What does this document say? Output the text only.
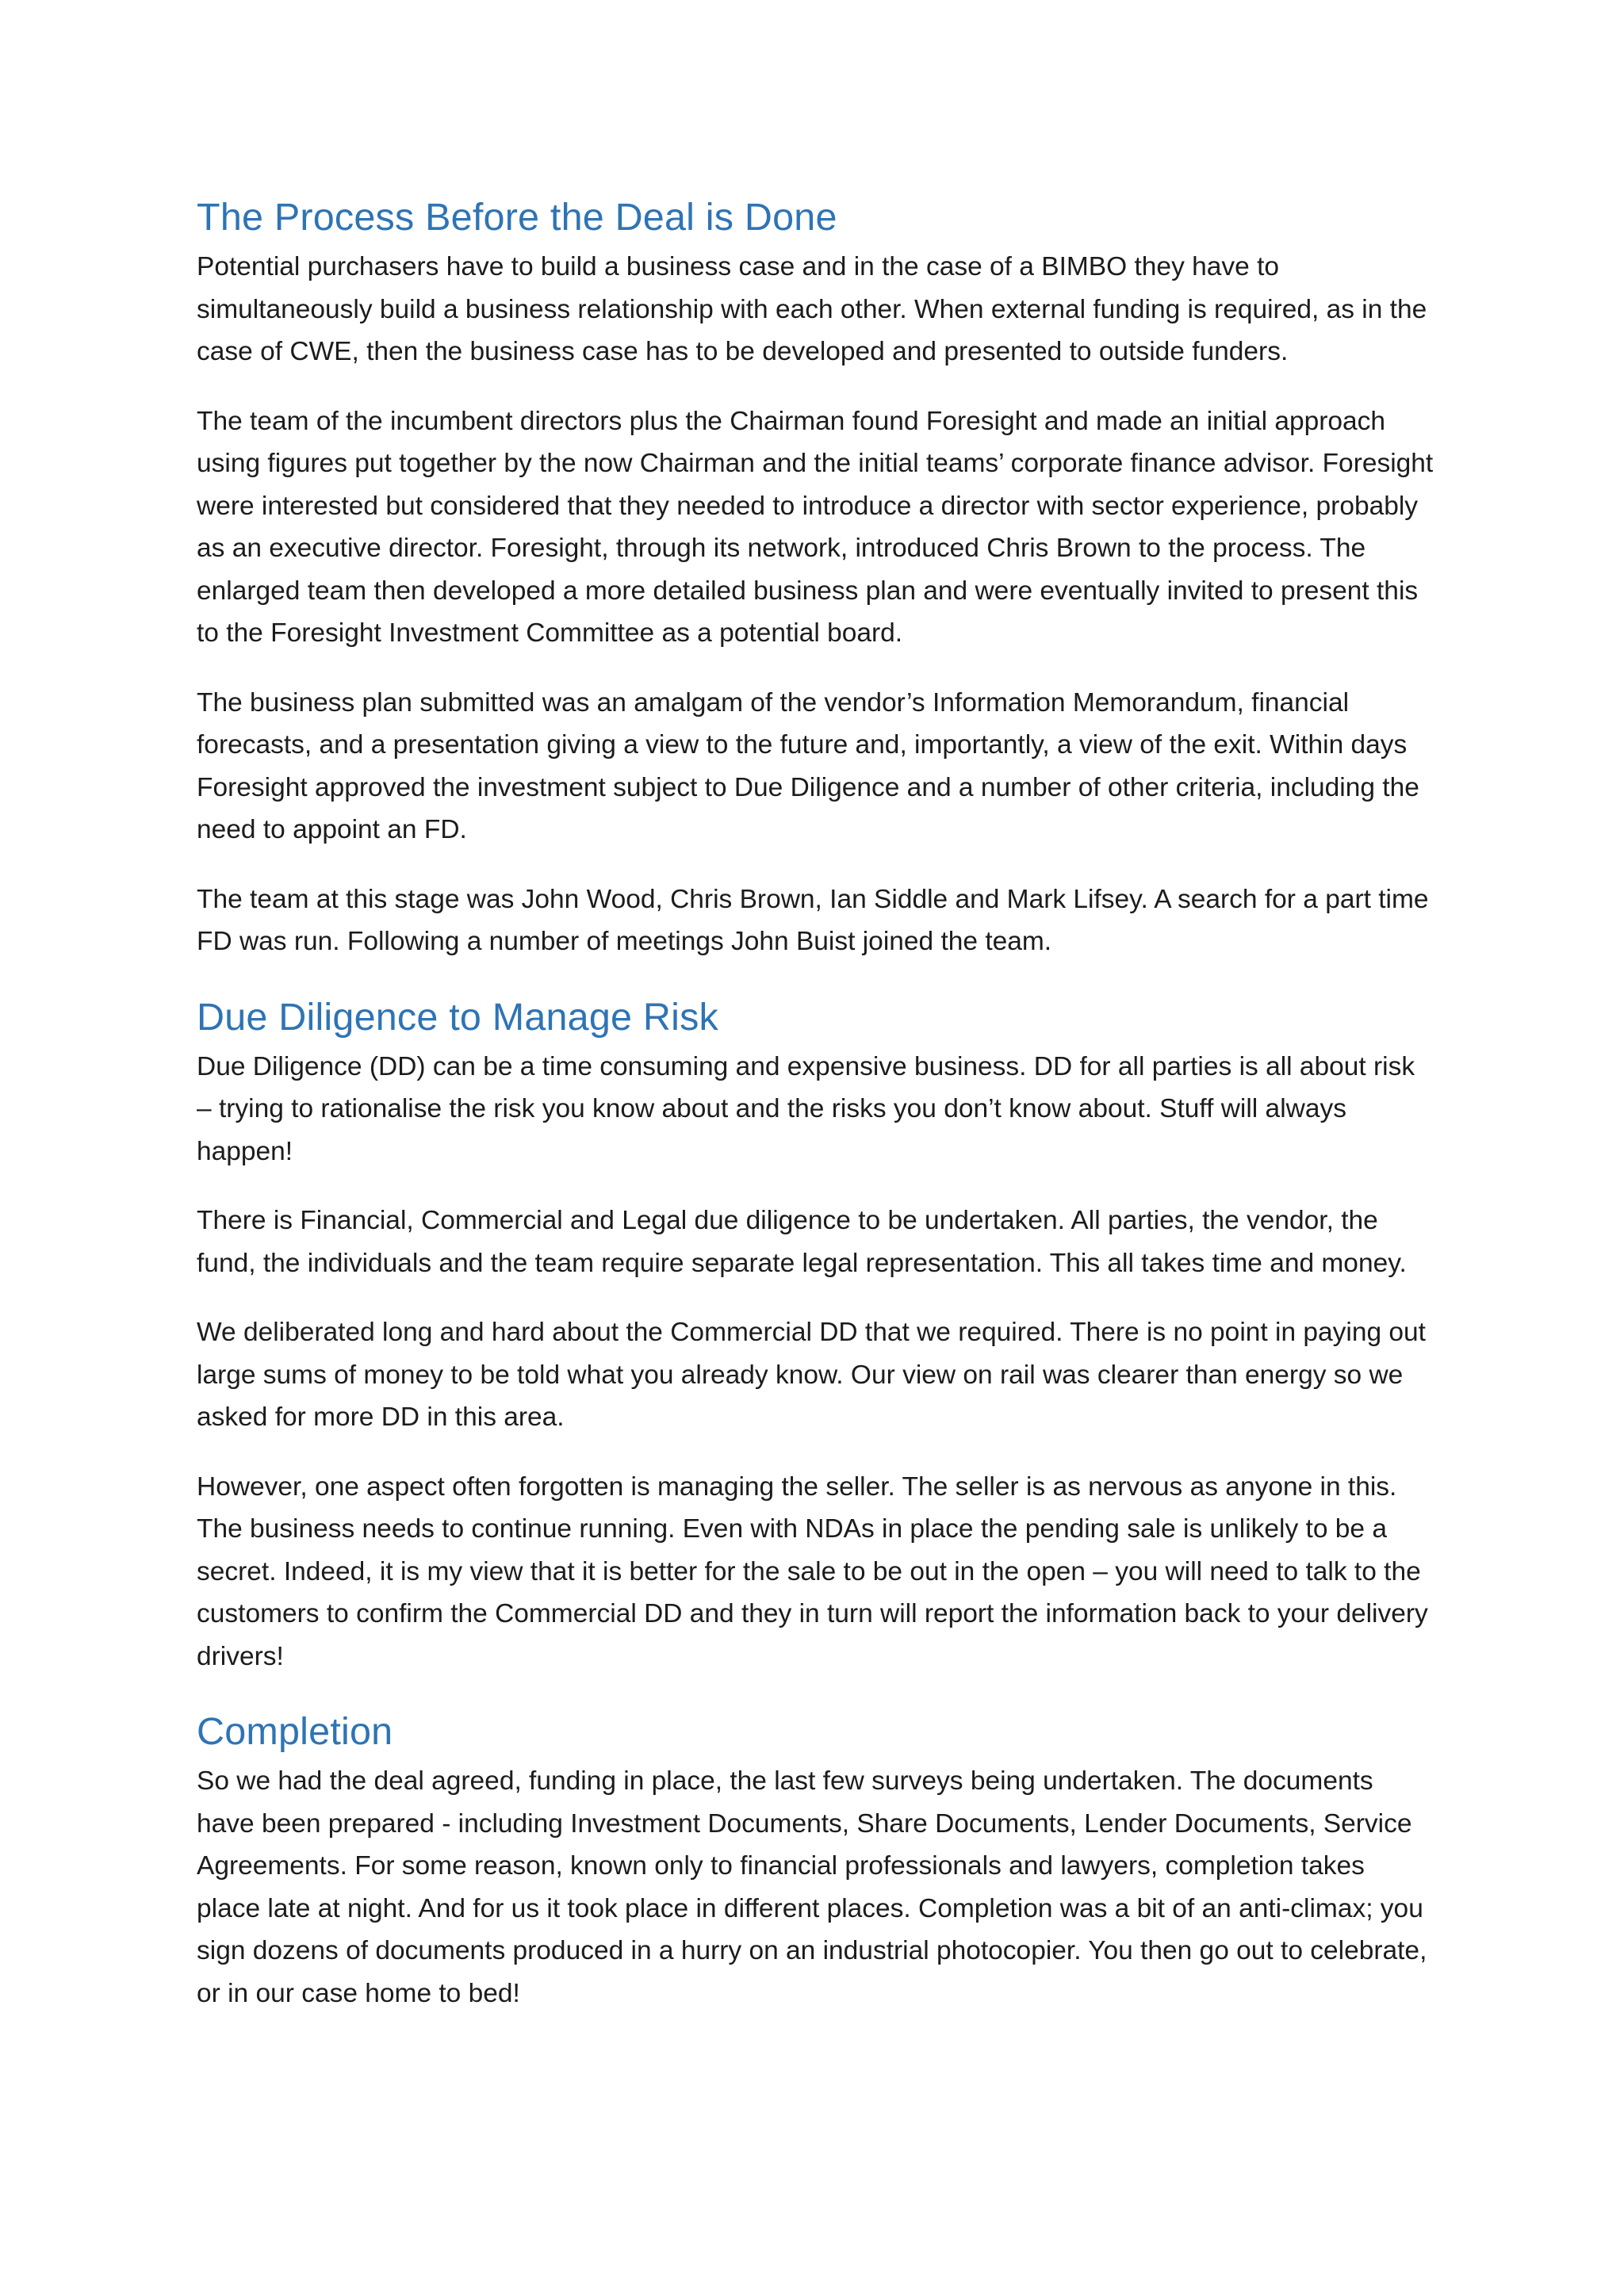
The Process Before the Deal is Done

Potential purchasers have to build a business case and in the case of a BIMBO they have to simultaneously build a business relationship with each other. When external funding is required, as in the case of CWE, then the business case has to be developed and presented to outside funders.

The team of the incumbent directors plus the Chairman found Foresight and made an initial approach using figures put together by the now Chairman and the initial teams’ corporate finance advisor. Foresight were interested but considered that they needed to introduce a director with sector experience, probably as an executive director. Foresight, through its network, introduced Chris Brown to the process. The enlarged team then developed a more detailed business plan and were eventually invited to present this to the Foresight Investment Committee as a potential board.

The business plan submitted was an amalgam of the vendor’s Information Memorandum, financial forecasts, and a presentation giving a view to the future and, importantly, a view of the exit. Within days Foresight approved the investment subject to Due Diligence and a number of other criteria, including the need to appoint an FD.

The team at this stage was John Wood, Chris Brown, Ian Siddle and Mark Lifsey. A search for a part time FD was run. Following a number of meetings John Buist joined the team.

Due Diligence to Manage Risk

Due Diligence (DD) can be a time consuming and expensive business. DD for all parties is all about risk – trying to rationalise the risk you know about and the risks you don’t know about. Stuff will always happen!

There is Financial, Commercial and Legal due diligence to be undertaken. All parties, the vendor, the fund, the individuals and the team require separate legal representation. This all takes time and money.

We deliberated long and hard about the Commercial DD that we required. There is no point in paying out large sums of money to be told what you already know. Our view on rail was clearer than energy so we asked for more DD in this area.

However, one aspect often forgotten is managing the seller. The seller is as nervous as anyone in this. The business needs to continue running. Even with NDAs in place the pending sale is unlikely to be a secret. Indeed, it is my view that it is better for the sale to be out in the open – you will need to talk to the customers to confirm the Commercial DD and they in turn will report the information back to your delivery drivers!

Completion

So we had the deal agreed, funding in place, the last few surveys being undertaken. The documents have been prepared - including Investment Documents, Share Documents, Lender Documents, Service Agreements. For some reason, known only to financial professionals and lawyers, completion takes place late at night. And for us it took place in different places. Completion was a bit of an anti-climax; you sign dozens of documents produced in a hurry on an industrial photocopier. You then go out to celebrate, or in our case home to bed!
